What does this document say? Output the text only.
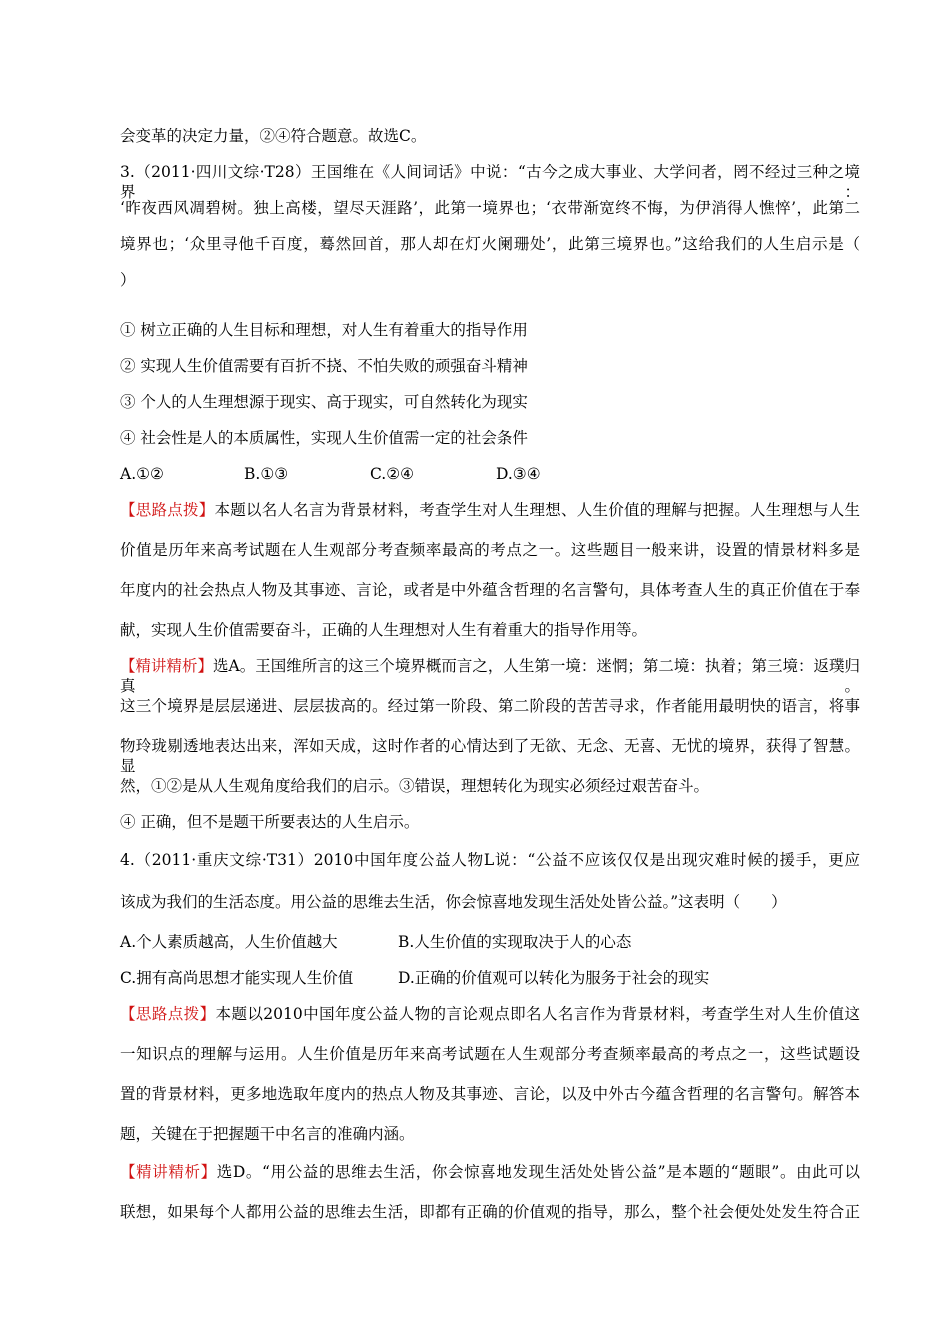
会变革的决定力量，②④符合题意。故选C。
3.（2011·四川文综·T28）王国维在《人间词话》中说：“古今之成大事业、大学问者，罔不经过三种之境界：
‘昨夜西风凋碧树。独上高楼，望尽天涯路’，此第一境界也；‘衣带渐宽终不悔，为伊消得人憔悴’，此第二
境界也；‘众里寻他千百度，蓦然回首，那人却在灯火阑珊处’，此第三境界也。”这给我们的人生启示是（
）
① 树立正确的人生目标和理想，对人生有着重大的指导作用
② 实现人生价值需要有百折不挠、不怕失败的顽强奋斗精神
③ 个人的人生理想源于现实、高于现实，可自然转化为现实
④ 社会性是人的本质属性，实现人生价值需一定的社会条件
A.①②	B.①③	C.②④	D.③④
【思路点拨】本题以名人名言为背景材料，考查学生对人生理想、人生价值的理解与把握。人生理想与人生
价值是历年来高考试题在人生观部分考查频率最高的考点之一。这些题目一般来讲，设置的情景材料多是
年度内的社会热点人物及其事迹、言论，或者是中外蕴含哲理的名言警句，具体考查人生的真正价值在于奉
献，实现人生价值需要奋斗，正确的人生理想对人生有着重大的指导作用等。
【精讲精析】选A。王国维所言的这三个境界概而言之，人生第一境：迷惘；第二境：执着；第三境：返璞归真。
这三个境界是层层递进、层层拔高的。经过第一阶段、第二阶段的苦苦寻求，作者能用最明快的语言，将事
物玲珑剔透地表达出来，浑如天成，这时作者的心情达到了无欲、无念、无喜、无忧的境界，获得了智慧。显
然，①②是从人生观角度给我们的启示。③错误，理想转化为现实必须经过艰苦奋斗。
④ 正确，但不是题干所要表达的人生启示。
4.（2011·重庆文综·T31）2010中国年度公益人物L说：“公益不应该仅仅是出现灾难时候的援手，更应
该成为我们的生活态度。用公益的思维去生活，你会惊喜地发现生活处处皆公益。”这表明（　　）
A.个人素质越高，人生价值越大	B.人生价值的实现取决于人的心态
C.拥有高尚思想才能实现人生价值	D.正确的价值观可以转化为服务于社会的现实
【思路点拨】本题以2010中国年度公益人物的言论观点即名人名言作为背景材料，考查学生对人生价值这
一知识点的理解与运用。人生价值是历年来高考试题在人生观部分考查频率最高的考点之一，这些试题设
置的背景材料，更多地选取年度内的热点人物及其事迹、言论，以及中外古今蕴含哲理的名言警句。解答本
题，关键在于把握题干中名言的准确内涵。
【精讲精析】选D。“用公益的思维去生活，你会惊喜地发现生活处处皆公益”是本题的“题眼”。由此可以
联想，如果每个人都用公益的思维去生活，即都有正确的价值观的指导，那么，整个社会便处处发生符合正
